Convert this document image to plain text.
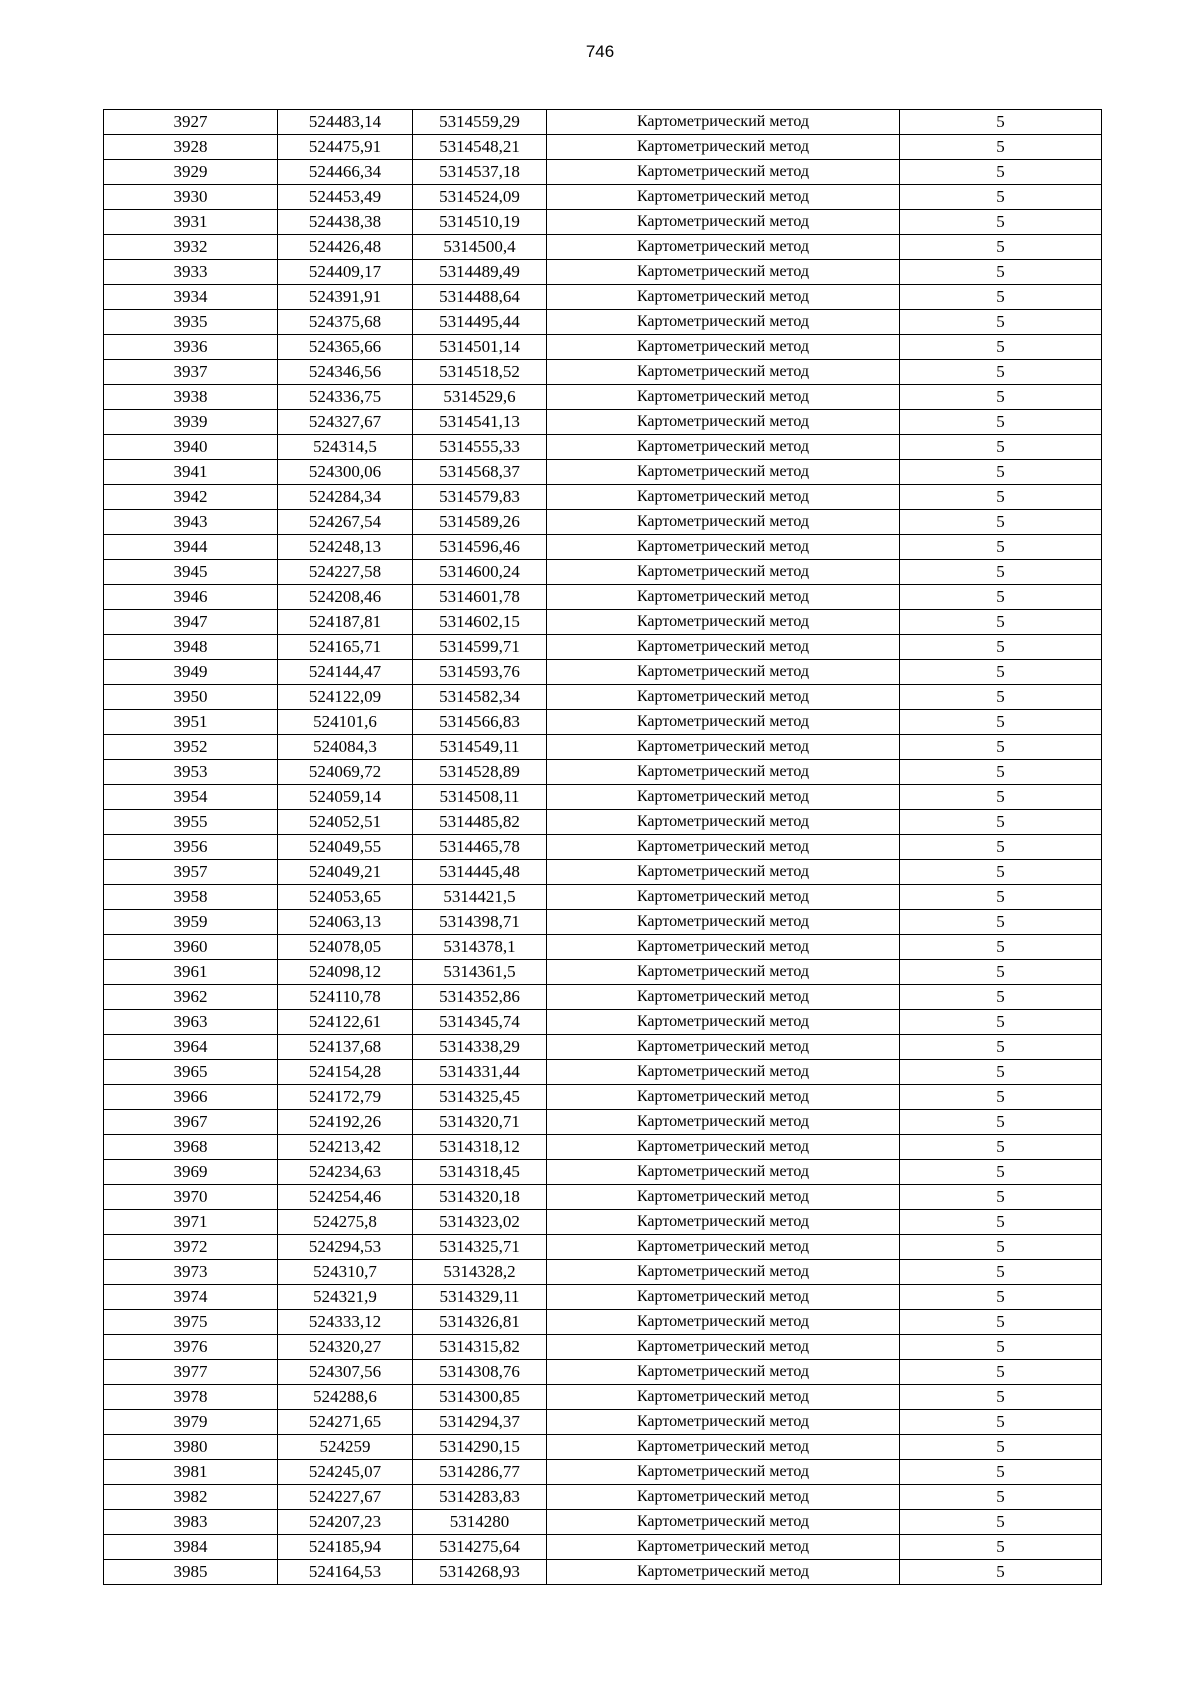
746
3927	524483,14	5314559,29	Картометрический метод	5
3928	524475,91	5314548,21	Картометрический метод	5
3929	524466,34	5314537,18	Картометрический метод	5
3930	524453,49	5314524,09	Картометрический метод	5
3931	524438,38	5314510,19	Картометрический метод	5
3932	524426,48	5314500,4	Картометрический метод	5
3933	524409,17	5314489,49	Картометрический метод	5
3934	524391,91	5314488,64	Картометрический метод	5
3935	524375,68	5314495,44	Картометрический метод	5
3936	524365,66	5314501,14	Картометрический метод	5
3937	524346,56	5314518,52	Картометрический метод	5
3938	524336,75	5314529,6	Картометрический метод	5
3939	524327,67	5314541,13	Картометрический метод	5
3940	524314,5	5314555,33	Картометрический метод	5
3941	524300,06	5314568,37	Картометрический метод	5
3942	524284,34	5314579,83	Картометрический метод	5
3943	524267,54	5314589,26	Картометрический метод	5
3944	524248,13	5314596,46	Картометрический метод	5
3945	524227,58	5314600,24	Картометрический метод	5
3946	524208,46	5314601,78	Картометрический метод	5
3947	524187,81	5314602,15	Картометрический метод	5
3948	524165,71	5314599,71	Картометрический метод	5
3949	524144,47	5314593,76	Картометрический метод	5
3950	524122,09	5314582,34	Картометрический метод	5
3951	524101,6	5314566,83	Картометрический метод	5
3952	524084,3	5314549,11	Картометрический метод	5
3953	524069,72	5314528,89	Картометрический метод	5
3954	524059,14	5314508,11	Картометрический метод	5
3955	524052,51	5314485,82	Картометрический метод	5
3956	524049,55	5314465,78	Картометрический метод	5
3957	524049,21	5314445,48	Картометрический метод	5
3958	524053,65	5314421,5	Картометрический метод	5
3959	524063,13	5314398,71	Картометрический метод	5
3960	524078,05	5314378,1	Картометрический метод	5
3961	524098,12	5314361,5	Картометрический метод	5
3962	524110,78	5314352,86	Картометрический метод	5
3963	524122,61	5314345,74	Картометрический метод	5
3964	524137,68	5314338,29	Картометрический метод	5
3965	524154,28	5314331,44	Картометрический метод	5
3966	524172,79	5314325,45	Картометрический метод	5
3967	524192,26	5314320,71	Картометрический метод	5
3968	524213,42	5314318,12	Картометрический метод	5
3969	524234,63	5314318,45	Картометрический метод	5
3970	524254,46	5314320,18	Картометрический метод	5
3971	524275,8	5314323,02	Картометрический метод	5
3972	524294,53	5314325,71	Картометрический метод	5
3973	524310,7	5314328,2	Картометрический метод	5
3974	524321,9	5314329,11	Картометрический метод	5
3975	524333,12	5314326,81	Картометрический метод	5
3976	524320,27	5314315,82	Картометрический метод	5
3977	524307,56	5314308,76	Картометрический метод	5
3978	524288,6	5314300,85	Картометрический метод	5
3979	524271,65	5314294,37	Картометрический метод	5
3980	524259	5314290,15	Картометрический метод	5
3981	524245,07	5314286,77	Картометрический метод	5
3982	524227,67	5314283,83	Картометрический метод	5
3983	524207,23	5314280	Картометрический метод	5
3984	524185,94	5314275,64	Картометрический метод	5
3985	524164,53	5314268,93	Картометрический метод	5
